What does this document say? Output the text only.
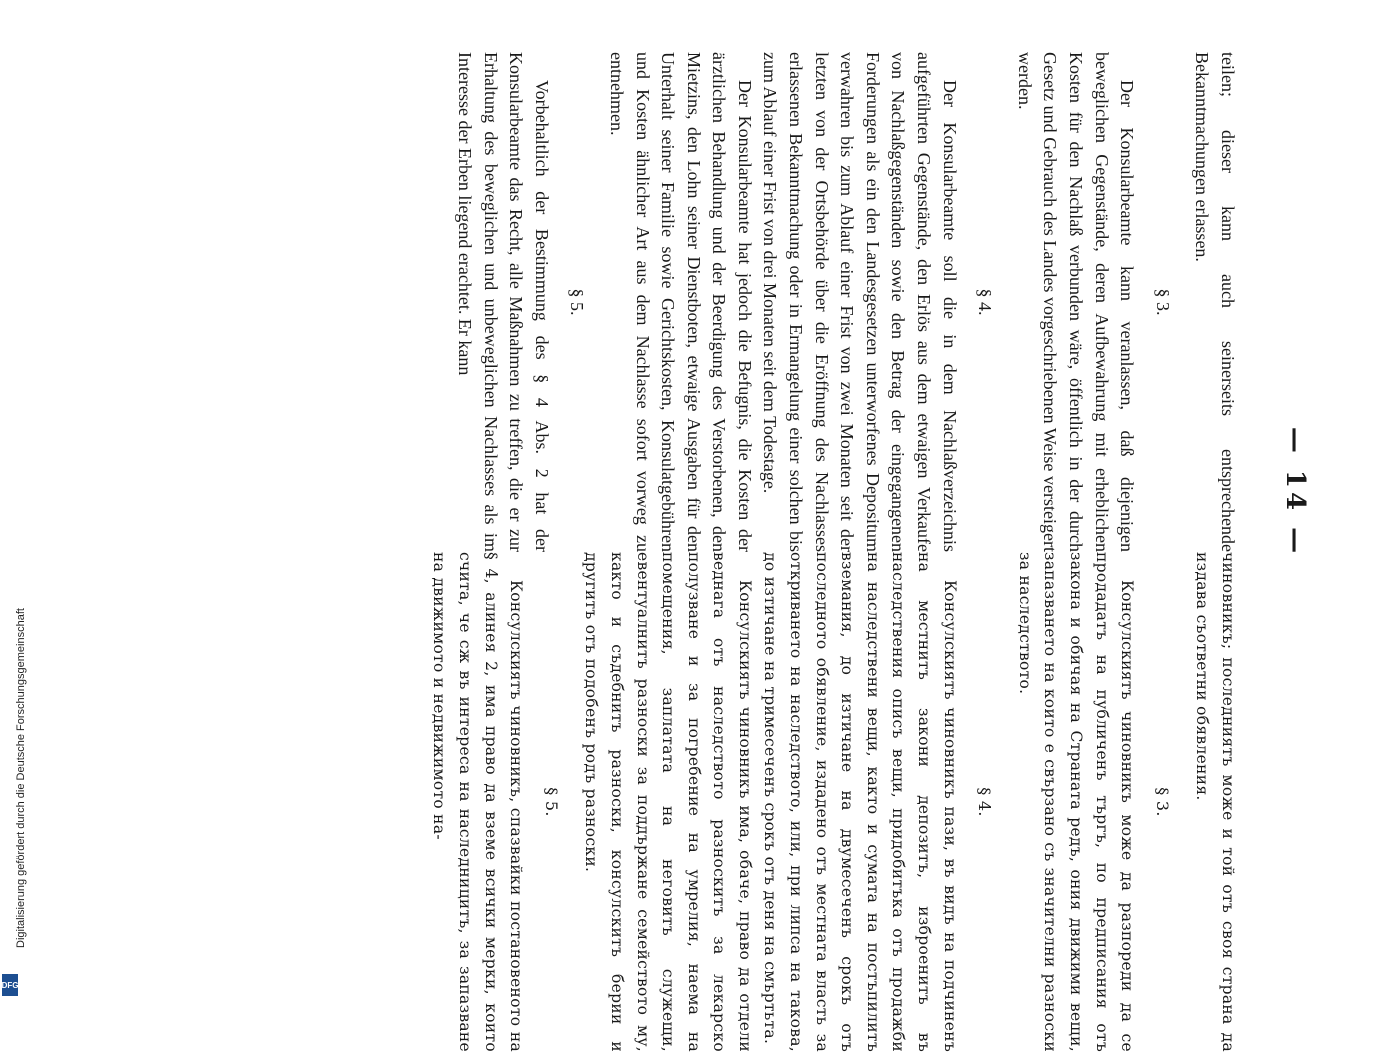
— 14 —

teilen; dieser kann auch seinerseits entsprechende Bekanntmachungen erlassen.

§ 3.

Der Konsularbeamte kann veranlassen, daß diejenigen beweglichen Gegenstände, deren Aufbewahrung mit erheblichen Kosten für den Nachlaß verbunden wäre, öffentlich in der durch Gesetz und Gebrauch des Landes vorgeschriebenen Weise versteigert werden.

§ 4.

Der Konsularbeamte soll die in dem Nachlaßverzeichnis aufgeführten Gegenstände, den Erlös aus dem etwaigen Verkaufe von Nachlaßgegenständen sowie den Betrag der eingegangenen Forderungen als ein den Landesgesetzen unterworfenes Depositum verwahren bis zum Ablauf einer Frist von zwei Monaten seit der letzten von der Ortsbehörde über die Eröffnung des Nachlasses erlassenen Bekanntmachung oder in Ermangelung einer solchen bis zum Ablauf einer Frist von drei Monaten seit dem Todestage.

Der Konsularbeamte hat jedoch die Befugnis, die Kosten der ärztlichen Behandlung und der Beerdigung des Verstorbenen, den Mietzins, den Lohn seiner Dienstboten, etwaige Ausgaben für den Unterhalt seiner Familie sowie Gerichtskosten, Konsulatgebühren und Kosten ähnlicher Art aus dem Nachlasse sofort vorweg zu entnehmen.

§ 5.

Vorbehaltlich der Bestimmung des § 4 Abs. 2 hat der Konsularbeamte das Recht, alle Maßnahmen zu treffen, die er zur Erhaltung des beweglichen und unbeweglichen Nachlasses als im Interesse der Erben liegend erachtet. Er kann

чиновникъ; последниятъ може и той отъ своя страна да издава съответни обявления.

§ 3.

Консулскиятъ чиновникъ може да разпореди да се продадатъ на публиченъ търгъ, по предписания отъ закона и обичая на Страната редъ, ония движими вещи, запазването на които е свързано съ значителни разноски за наследството.

§ 4.

Консулскиятъ чиновникъ пази, въ видъ на подчиненъ на местнитъ закони депозитъ, изброенитъ въ наследствения описъ вещи, придобитъка отъ продажби на наследствени вещи, както и сумата на постъпилитъ вземания, до изтичане на двумесеченъ срокъ отъ последното обявление, издадено отъ местната власть за откриването на наследството, или, при липса на такова, до изтичане на тримесеченъ срокъ отъ деня на смъртьта.

Консулскиятъ чиновникъ има, обаче, право да отдели веднага отъ наследството разноскитъ за лекарско полузване и за погребение на умрелия, наема на помещения, заплатата на неговитъ служещи, евентуалнитъ разноски за поддържане семейството му, както и съдебнитъ разноски, консулскитъ берии и другитъ отъ подобенъ родъ разноски.

§ 5.

Консулскиятъ чиновникъ, спазвайки постановеното на § 4, алинея 2, има право да вземе всички мерки, които счита, че сж въ интереса на наследницитъ, за запазване на движимото и недвижимото на-

Digitalisierung gefördert durch die Deutsche Forschungsgemeinschaft
DFG
